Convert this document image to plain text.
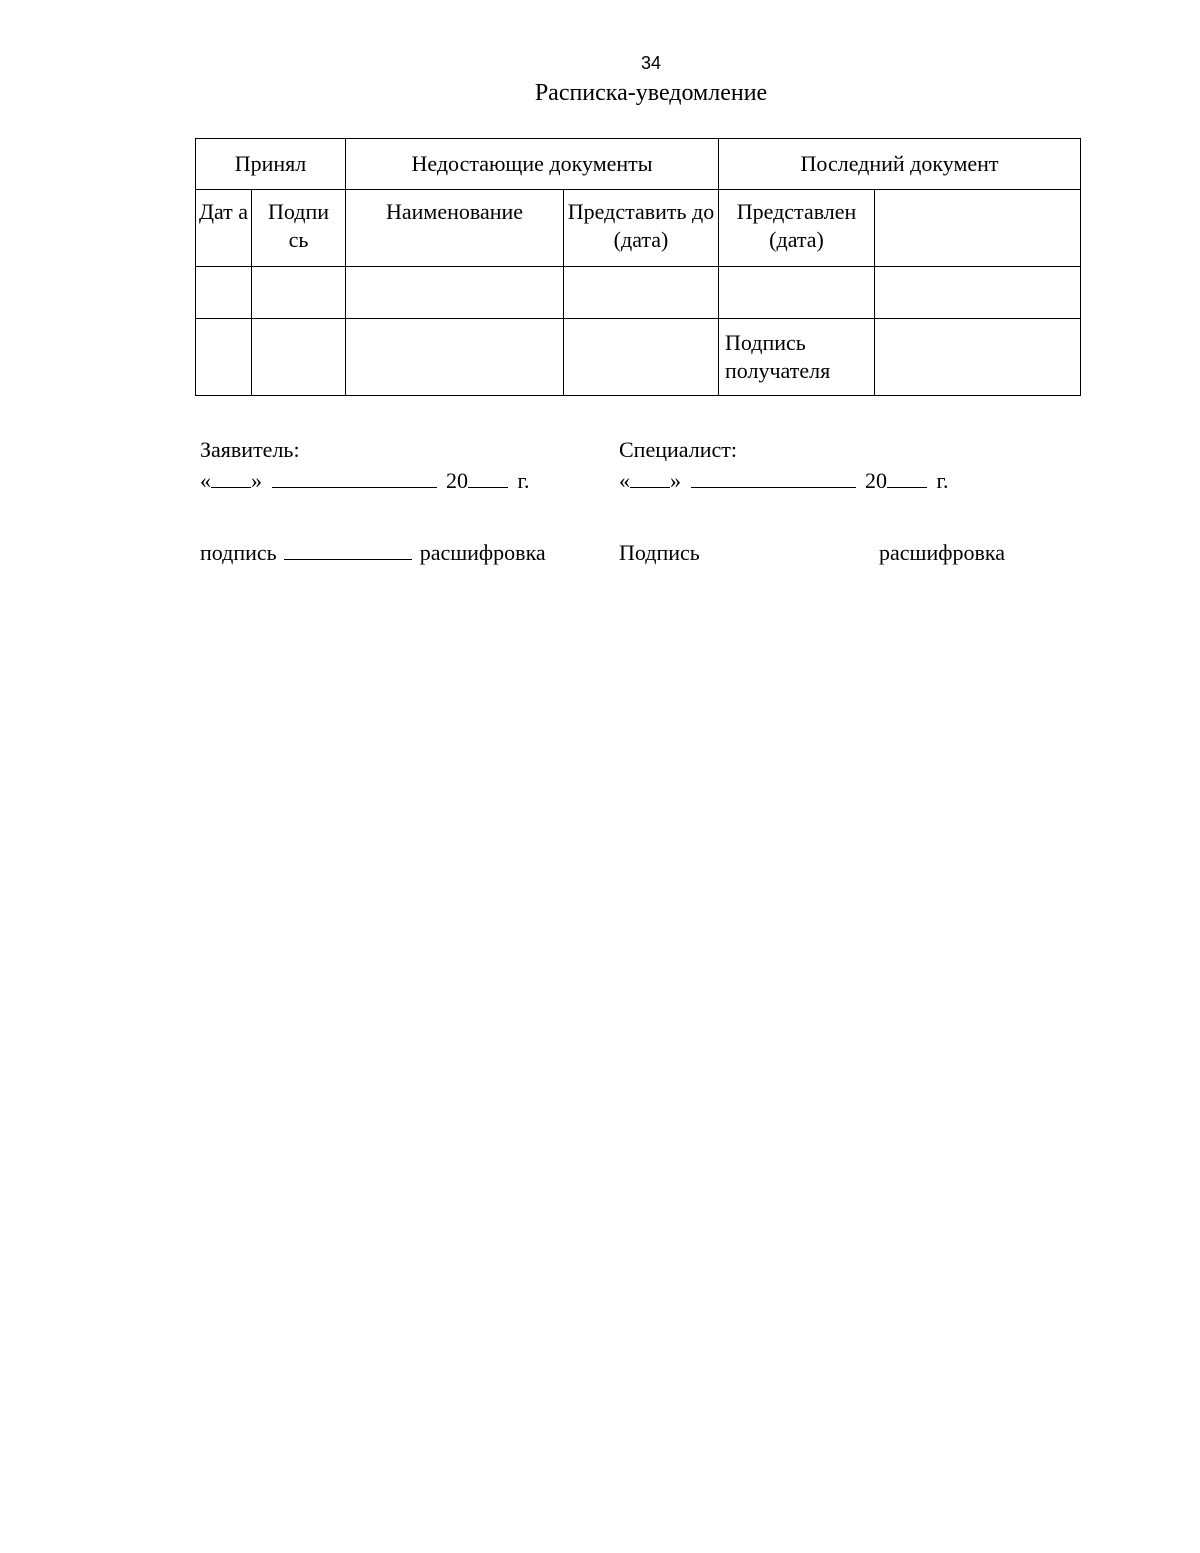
34
Расписка-уведомление
Принял		Недостающие документы		Последний документ	
Дат а	Подпи сь	Наименование	Представить до (дата)	Представлен (дата)	

				Подпись получателя	
Заявитель:
« »	20 г.
подпись	расшифровка
Специалист:
« »	20 г.
Подпись	расшифровка
